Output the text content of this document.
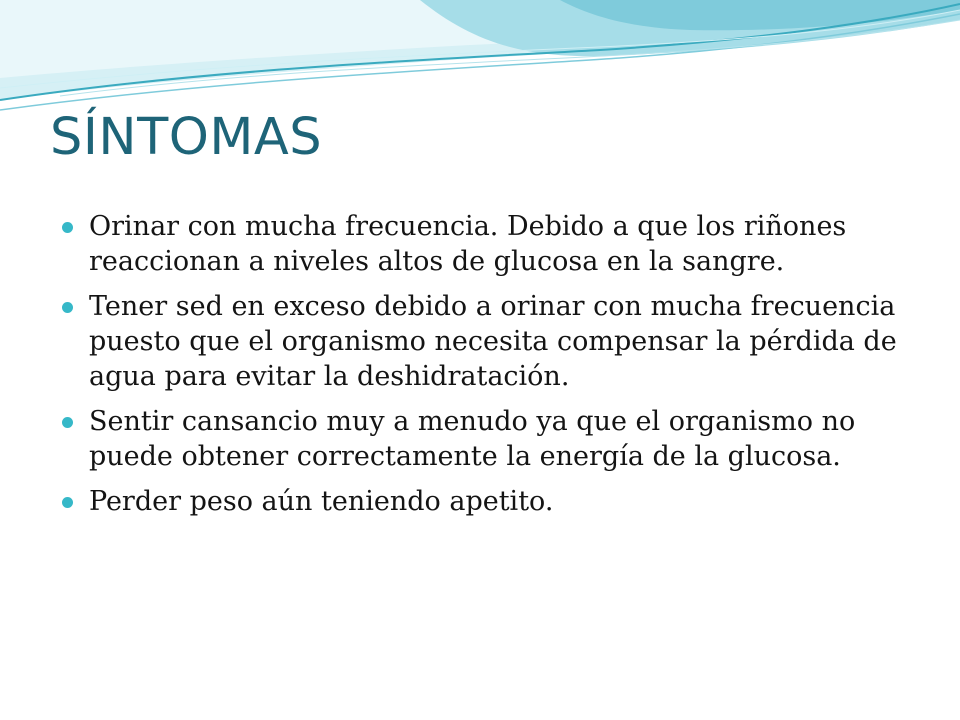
SÍNTOMAS
Orinar con mucha frecuencia. Debido a que los riñones reaccionan a niveles altos de glucosa en la sangre.
Tener sed en exceso debido a orinar con mucha frecuencia puesto que el organismo necesita compensar la pérdida de agua para evitar la deshidratación.
Sentir cansancio muy a menudo ya que el organismo no puede obtener correctamente la energía de la glucosa.
Perder peso aún teniendo apetito.
